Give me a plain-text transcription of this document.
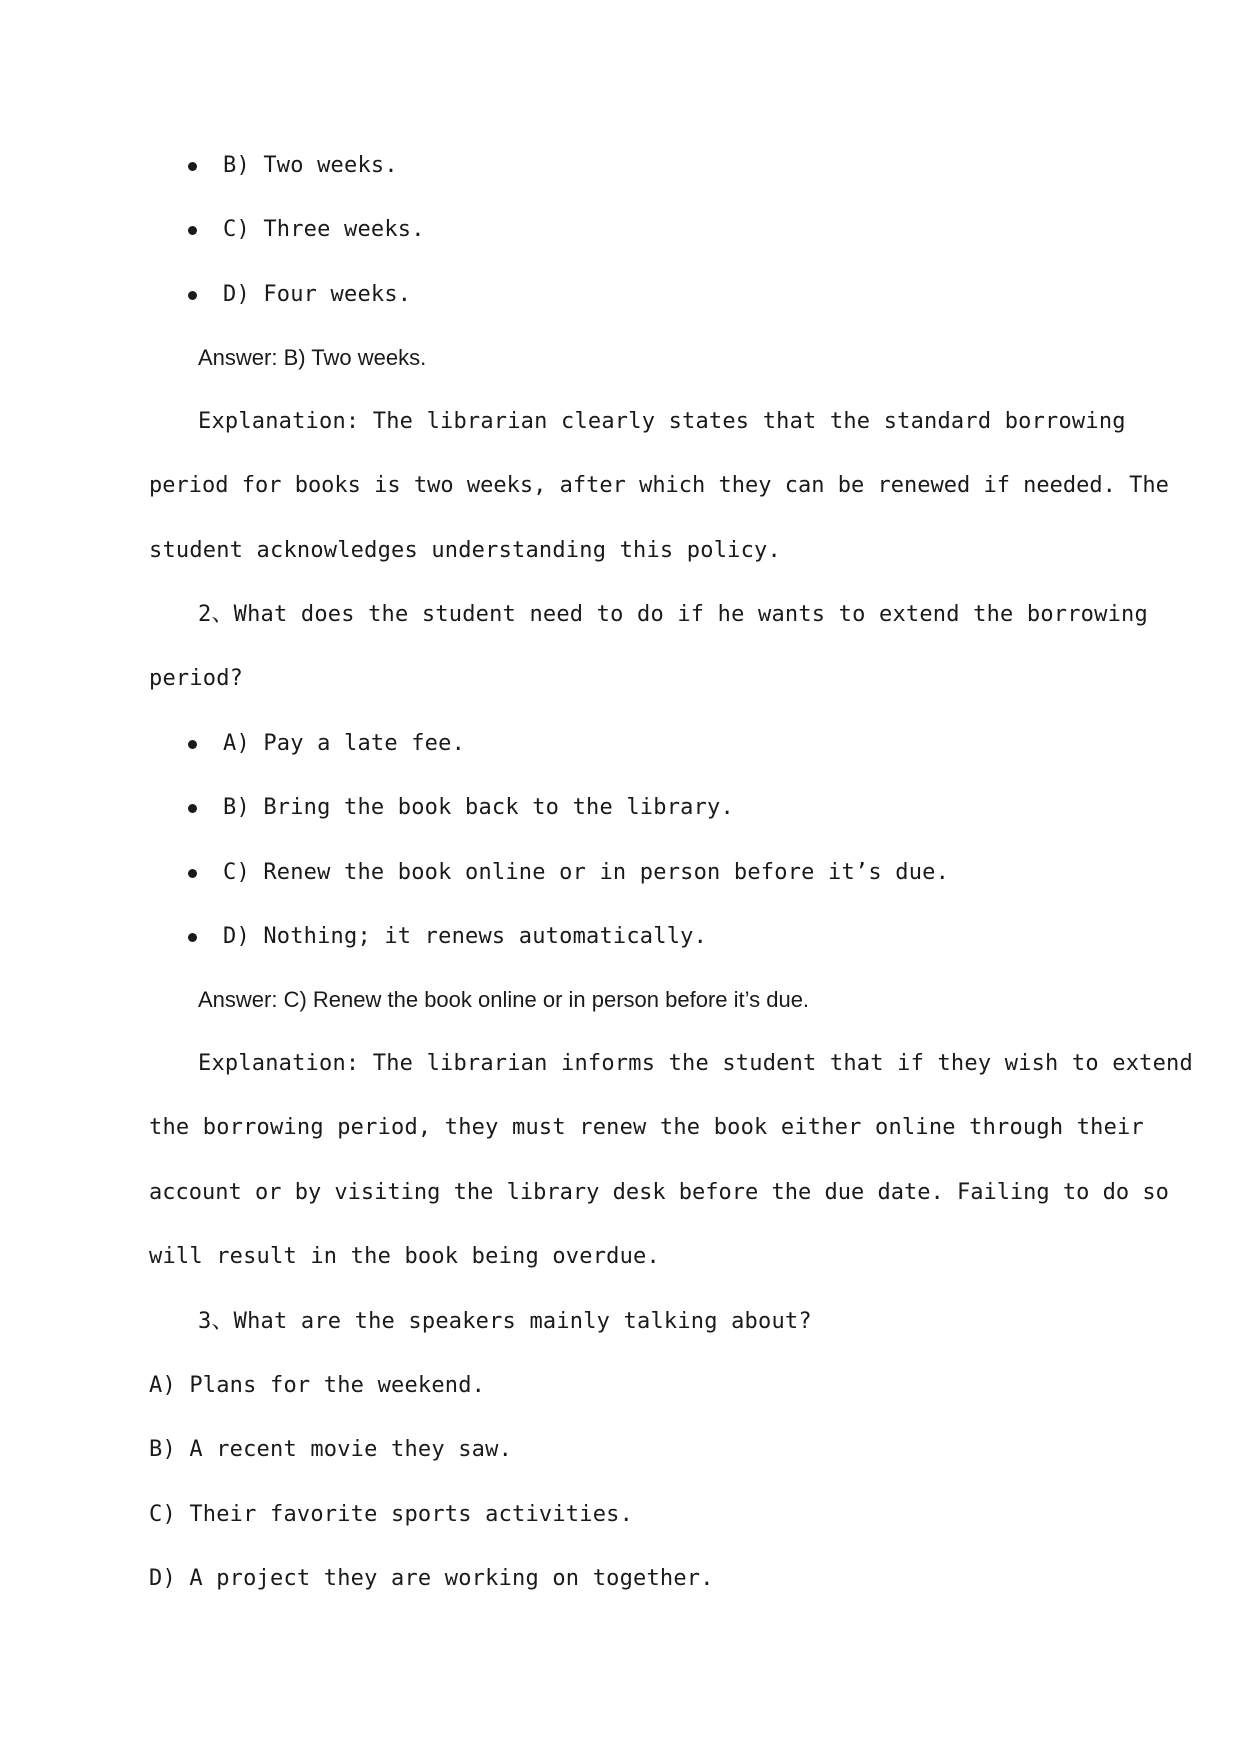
B) Two weeks.

C) Three weeks.

D) Four weeks.

Answer: B) Two weeks.

Explanation: The librarian clearly states that the standard borrowing

period for books is two weeks, after which they can be renewed if needed. The

student acknowledges understanding this policy.

2、What does the student need to do if he wants to extend the borrowing

period?

A) Pay a late fee.

B) Bring the book back to the library.

C) Renew the book online or in person before it’s due.

D) Nothing; it renews automatically.

Answer: C) Renew the book online or in person before it’s due.

Explanation: The librarian informs the student that if they wish to extend

the borrowing period, they must renew the book either online through their

account or by visiting the library desk before the due date. Failing to do so

will result in the book being overdue.

3、What are the speakers mainly talking about?

A) Plans for the weekend.

B) A recent movie they saw.

C) Their favorite sports activities.

D) A project they are working on together.
